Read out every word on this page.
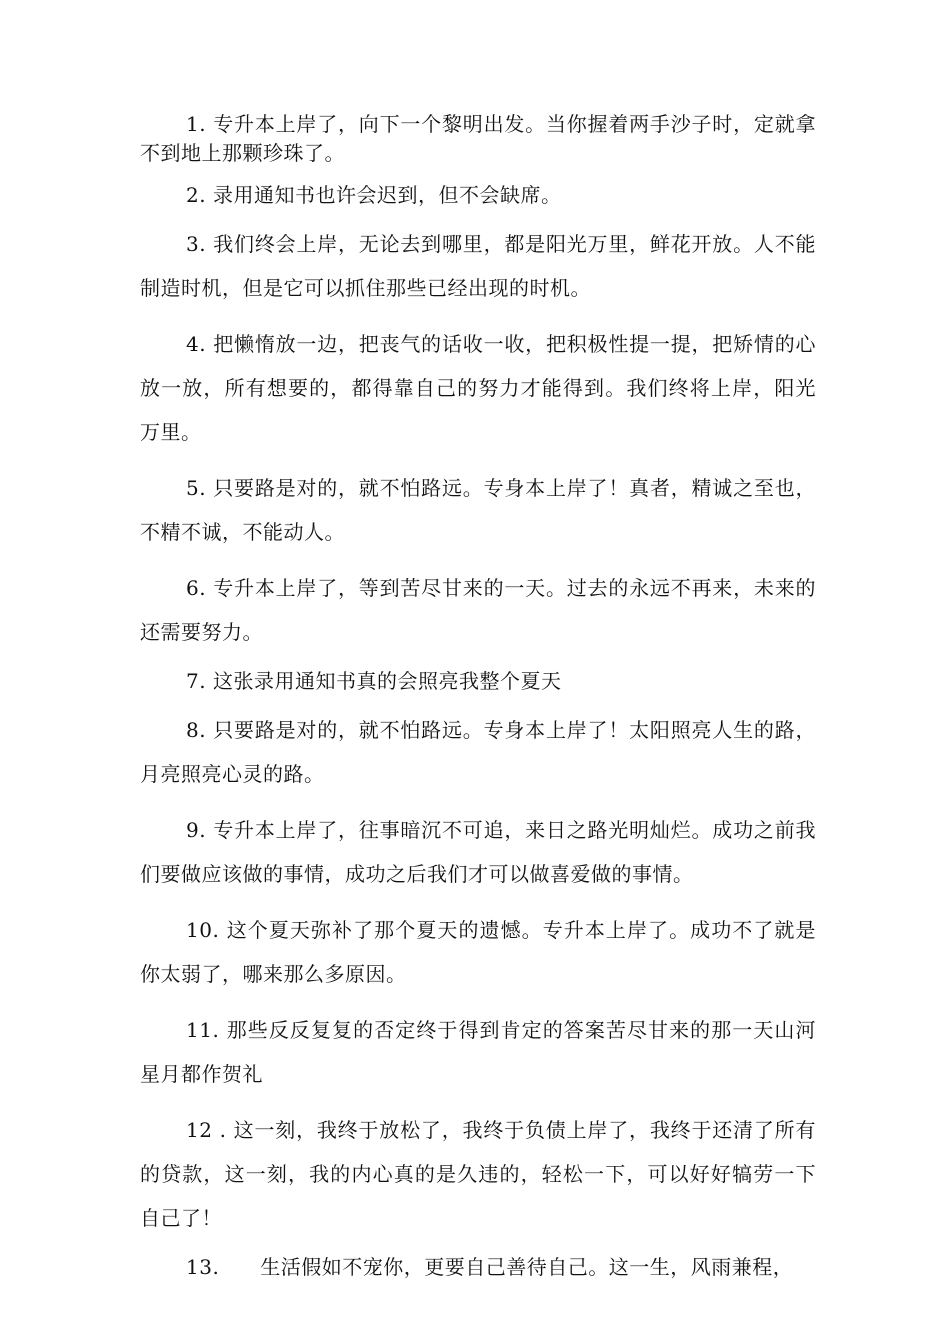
1. 专升本上岸了，向下一个黎明出发。当你握着两手沙子时，定就拿不到地上那颗珍珠了。

2. 录用通知书也许会迟到，但不会缺席。

3. 我们终会上岸，无论去到哪里，都是阳光万里，鲜花开放。人不能制造时机，但是它可以抓住那些已经出现的时机。

4. 把懒惰放一边，把丧气的话收一收，把积极性提一提，把矫情的心放一放，所有想要的，都得靠自己的努力才能得到。我们终将上岸，阳光万里。

5. 只要路是对的，就不怕路远。专身本上岸了！真者，精诚之至也，不精不诚，不能动人。

6. 专升本上岸了，等到苦尽甘来的一天。过去的永远不再来，未来的还需要努力。

7. 这张录用通知书真的会照亮我整个夏天

8. 只要路是对的，就不怕路远。专身本上岸了！太阳照亮人生的路，月亮照亮心灵的路。

9. 专升本上岸了，往事暗沉不可追，来日之路光明灿烂。成功之前我们要做应该做的事情，成功之后我们才可以做喜爱做的事情。

10. 这个夏天弥补了那个夏天的遗憾。专升本上岸了。成功不了就是你太弱了，哪来那么多原因。

11. 那些反反复复的否定终于得到肯定的答案苦尽甘来的那一天山河星月都作贺礼

12 . 这一刻，我终于放松了，我终于负债上岸了，我终于还清了所有的贷款，这一刻，我的内心真的是久违的，轻松一下，可以好好犒劳一下自己了！

13.　　生活假如不宠你，更要自己善待自己。这一生，风雨兼程，
